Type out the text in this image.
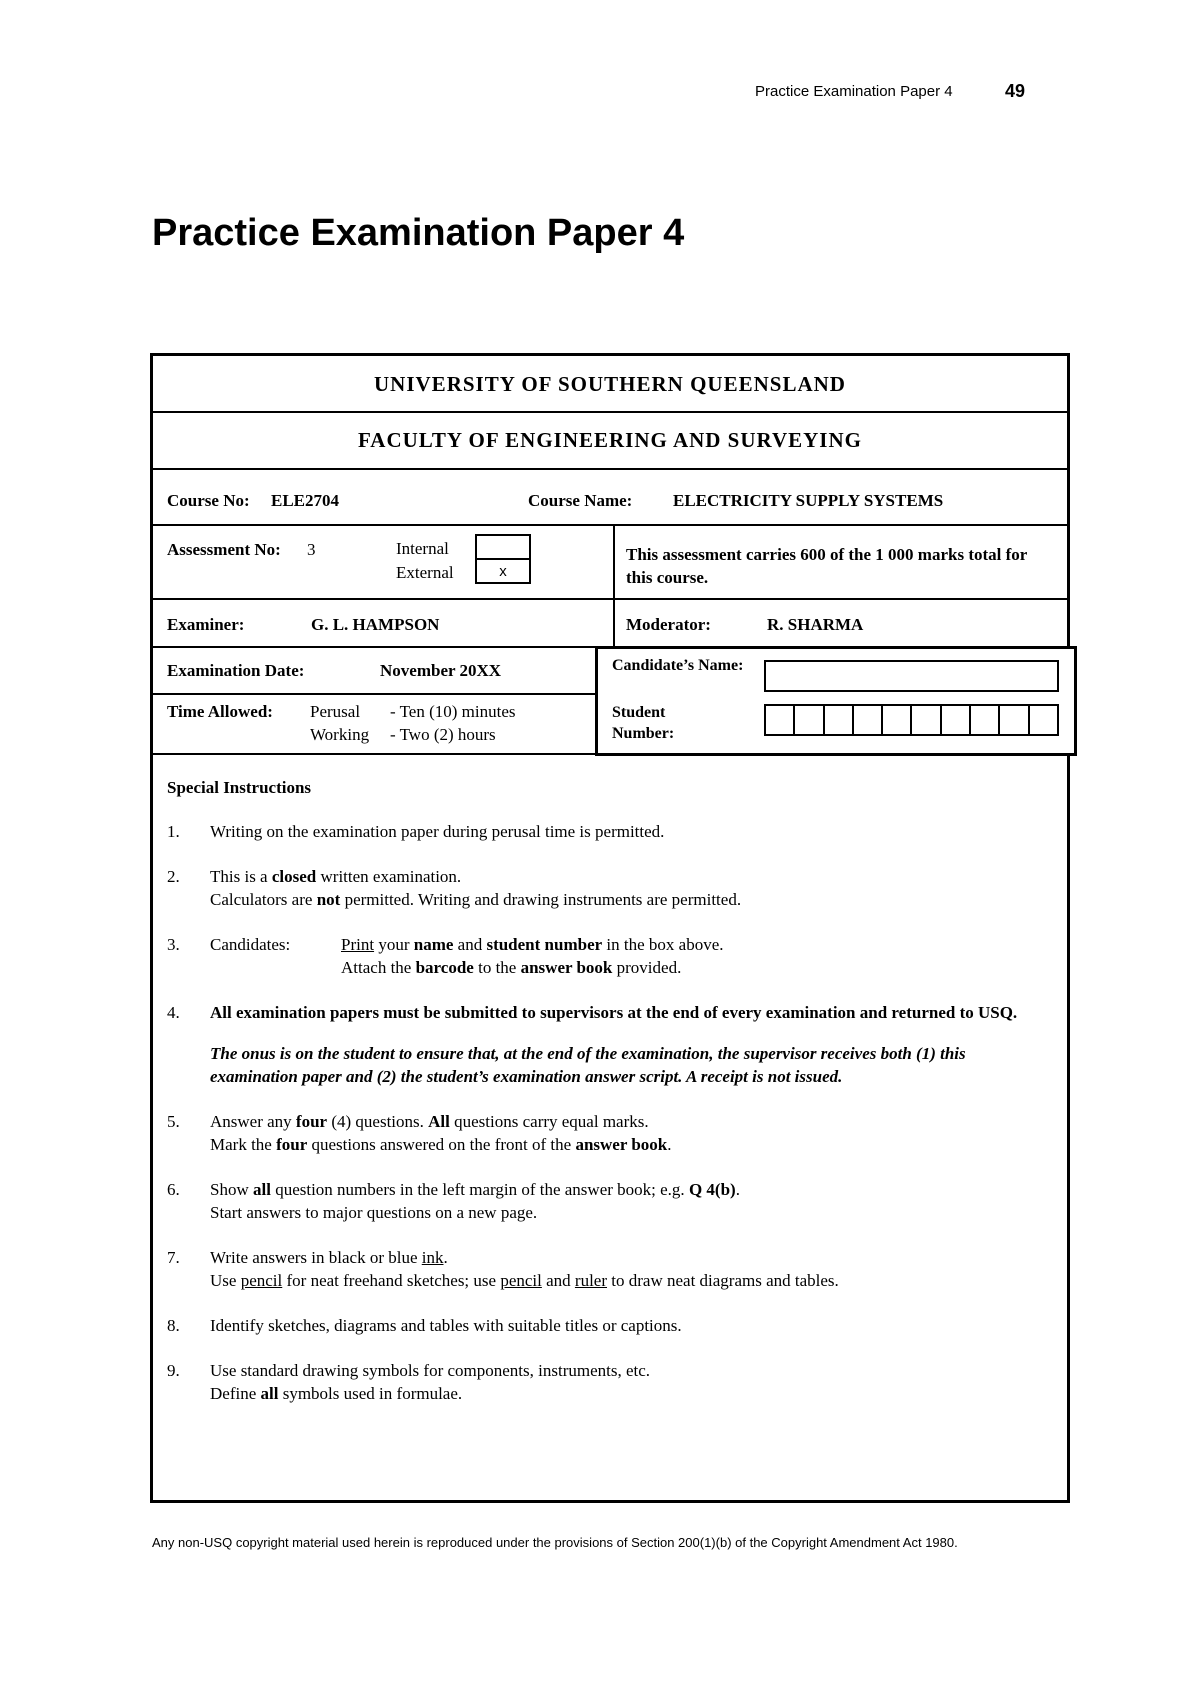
Practice Examination Paper 4	49
Practice Examination Paper 4
UNIVERSITY OF SOUTHERN QUEENSLAND
FACULTY OF ENGINEERING AND SURVEYING
Course No: ELE2704	Course Name: ELECTRICITY SUPPLY SYSTEMS
Assessment No: 3	Internal
External	x
This assessment carries 600 of the 1 000 marks total for this course.
Examiner:	G. L. HAMPSON	Moderator:	R. SHARMA
Examination Date:	November 20XX
Time Allowed: Perusal - Ten (10) minutes
Working - Two (2) hours
Candidate’s Name:
Student Number:
Special Instructions
1. Writing on the examination paper during perusal time is permitted.
2. This is a closed written examination.
Calculators are not permitted. Writing and drawing instruments are permitted.
3. Candidates:	Print your name and student number in the box above.
Attach the barcode to the answer book provided.
4. All examination papers must be submitted to supervisors at the end of every examination and returned to USQ.
The onus is on the student to ensure that, at the end of the examination, the supervisor receives both (1) this examination paper and (2) the student’s examination answer script. A receipt is not issued.
5. Answer any four (4) questions. All questions carry equal marks.
Mark the four questions answered on the front of the answer book.
6. Show all question numbers in the left margin of the answer book; e.g. Q 4(b).
Start answers to major questions on a new page.
7. Write answers in black or blue ink.
Use pencil for neat freehand sketches; use pencil and ruler to draw neat diagrams and tables.
8. Identify sketches, diagrams and tables with suitable titles or captions.
9. Use standard drawing symbols for components, instruments, etc.
Define all symbols used in formulae.
Any non-USQ copyright material used herein is reproduced under the provisions of Section 200(1)(b) of the Copyright Amendment Act 1980.
